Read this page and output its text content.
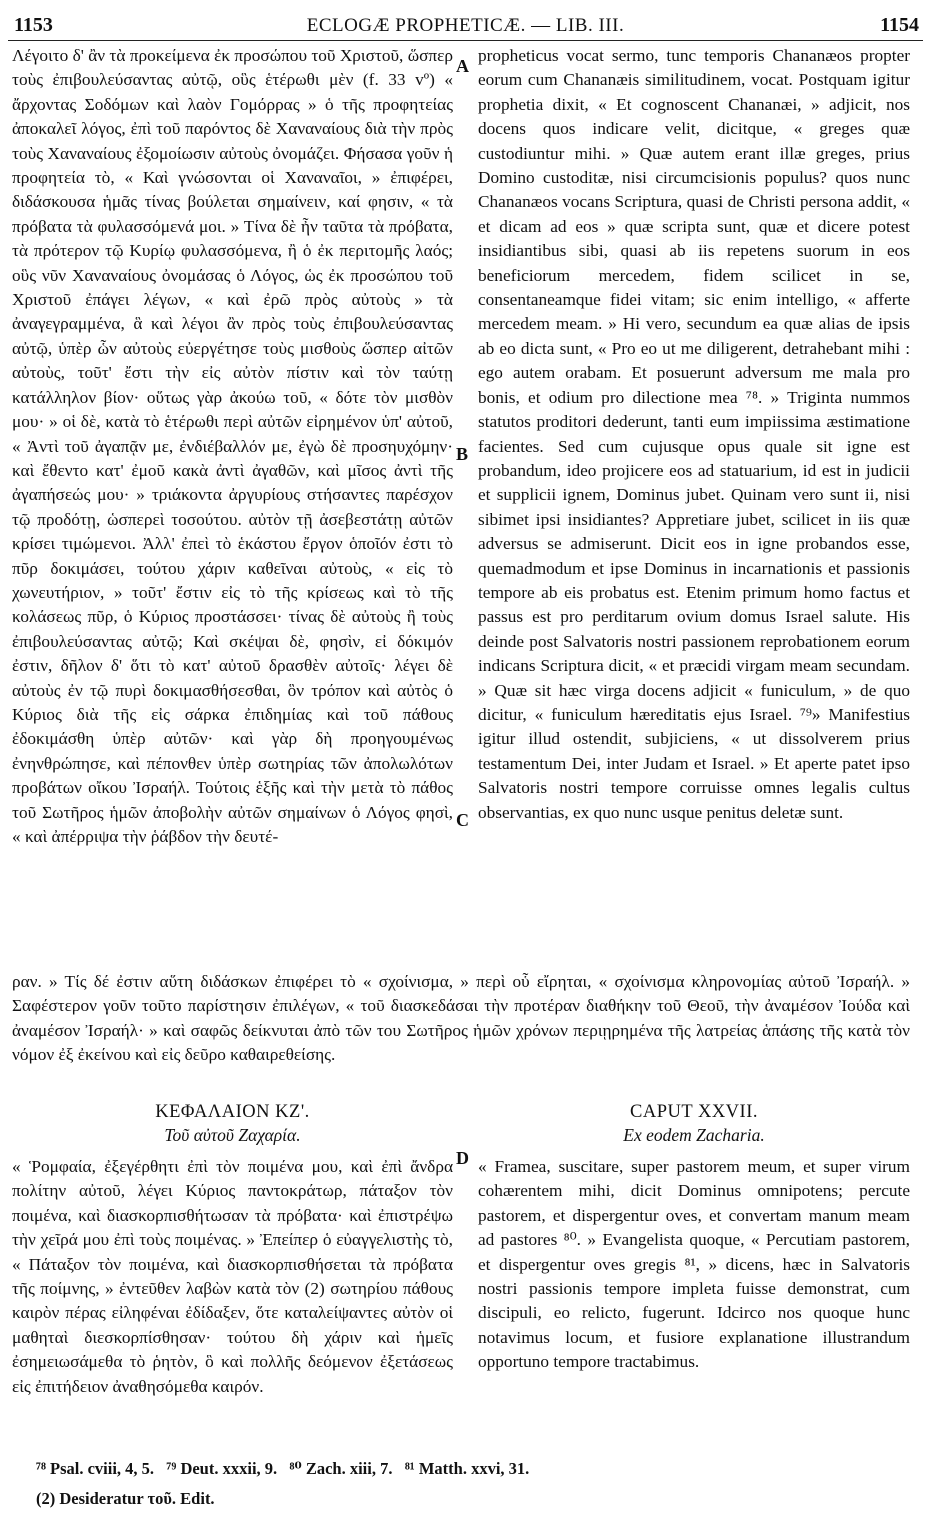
1153	ECLOGÆ PROPHETICÆ. — LIB. III.	1154

Λέγοιτο δ' ἂν τὰ προκείμενα ἐκ προσώπου τοῦ Χριστοῦ, ὥσπερ τοὺς ἐπιβουλεύσαντας αὐτῷ, οὓς ἑτέρωθι μὲν (f. 33 vº) « ἄρχοντας Σοδόμων καὶ λαὸν Γομόρρας » ὁ τῆς προφητείας ἀποκαλεῖ λόγος, ἐπὶ τοῦ παρόντος δὲ Χαναναίους διὰ τὴν πρὸς τοὺς Χαναναίους ἐξομοίωσιν αὐτοὺς ὀνομάζει. Φήσασα γοῦν ἡ προφητεία τὸ, « Καὶ γνώσονται οἱ Χαναναῖοι, » ἐπιφέρει, διδάσκουσα ἡμᾶς τίνας βούλεται σημαίνειν, καί φησιν, « τὰ πρόβατα τὰ φυλασσόμενά μοι. » Τίνα δὲ ἦν ταῦτα τὰ πρόβατα, τὰ πρότερον τῷ Κυρίῳ φυλασσόμενα, ἢ ὁ ἐκ περιτομῆς λαός; οὓς νῦν Χαναναίους ὀνομάσας ὁ Λόγος, ὡς ἐκ προσώπου τοῦ Χριστοῦ ἐπάγει λέγων, « καὶ ἐρῶ πρὸς αὐτοὺς » τὰ ἀναγεγραμμένα, ἃ καὶ λέγοι ἂν πρὸς τοὺς ἐπιβουλεύσαντας αὐτῷ, ὑπὲρ ὧν αὐτοὺς εὐεργέτησε τοὺς μισθοὺς ὥσπερ αἰτῶν αὐτοὺς, τοῦτ' ἔστι τὴν εἰς αὐτὸν πίστιν καὶ τὸν ταύτῃ κατάλληλον βίον· οὕτως γὰρ ἀκούω τοῦ, « δότε τὸν μισθὸν μου· » οἱ δὲ, κατὰ τὸ ἑτέρωθι περὶ αὐτῶν εἰρημένον ὑπ' αὐτοῦ, « Ἀντὶ τοῦ ἀγαπᾷν με, ἐνδιέβαλλόν με, ἐγὼ δὲ προσηυχόμην· καὶ ἔθεντο κατ' ἐμοῦ κακὰ ἀντὶ ἀγαθῶν, καὶ μῖσος ἀντὶ τῆς ἀγαπήσεώς μου· » τριάκοντα ἀργυρίους στήσαντες παρέσχον τῷ προδότῃ, ὡσπερεὶ τοσούτου. αὐτὸν τῇ ἀσεβεστάτῃ αὐτῶν κρίσει τιμώμενοι. Ἀλλ' ἐπεὶ τὸ ἑκάστου ἔργον ὁποῖόν ἐστι τὸ πῦρ δοκιμάσει, τούτου χάριν καθεῖναι αὐτοὺς, « εἰς τὸ χωνευτήριον, » τοῦτ' ἔστιν εἰς τὸ τῆς κρίσεως καὶ τὸ τῆς κολάσεως πῦρ, ὁ Κύριος προστάσσει· τίνας δὲ αὐτοὺς ἢ τοὺς ἐπιβουλεύσαντας αὐτῷ; Καὶ σκέψαι δὲ, φησὶν, εἰ δόκιμόν ἐστιν, δῆλον δ' ὅτι τὸ κατ' αὐτοῦ δρασθὲν αὐτοῖς· λέγει δὲ αὐτοὺς ἐν τῷ πυρὶ δοκιμασθήσεσθαι, ὃν τρόπον καὶ αὐτὸς ὁ Κύριος διὰ τῆς εἰς σάρκα ἐπιδημίας καὶ τοῦ πάθους ἐδοκιμάσθη ὑπὲρ αὐτῶν· καὶ γὰρ δὴ προηγουμένως ἐνηνθρώπησε, καὶ πέπονθεν ὑπὲρ σωτηρίας τῶν ἀπολωλότων προβάτων οἴκου Ἰσραήλ. Τούτοις ἑξῆς καὶ τὴν μετὰ τὸ πάθος τοῦ Σωτῆρος ἡμῶν ἀποβολὴν αὐτῶν σημαίνων ὁ Λόγος φησὶ, « καὶ ἀπέρριψα τὴν ῥάβδον τὴν δευτέ-

propheticus vocat sermo, tunc temporis Chananæos propter eorum cum Chananæis similitudinem, vocat. Postquam igitur prophetia dixit, « Et cognoscent Chananæi, » adjicit, nos docens quos indicare velit, dicitque, « greges quæ custodiuntur mihi. » Quæ autem erant illæ greges, prius Domino custoditæ, nisi circumcisionis populus? quos nunc Chananæos vocans Scriptura, quasi de Christi persona addit, « et dicam ad eos » quæ scripta sunt, quæ et dicere potest insidiantibus sibi, quasi ab iis repetens suorum in eos beneficiorum mercedem, fidem scilicet in se, consentaneamque fidei vitam; sic enim intelligo, « afferte mercedem meam. » Hi vero, secundum ea quæ alias de ipsis ab eo dicta sunt, « Pro eo ut me diligerent, detrahebant mihi : ego autem orabam. Et posuerunt adversum me mala pro bonis, et odium pro dilectione mea ⁷⁸. » Triginta nummos statutos proditori dederunt, tanti eum impiissima æstimatione facientes. Sed cum cujusque opus quale sit igne est probandum, ideo projicere eos ad statuarium, id est in judicii et supplicii ignem, Dominus jubet. Quinam vero sunt ii, nisi sibimet ipsi insidiantes? Appretiare jubet, scilicet in iis quæ adversus se admiserunt. Dicit eos in igne probandos esse, quemadmodum et ipse Dominus in incarnationis et passionis tempore ab eis probatus est. Etenim primum homo factus et passus est pro perditarum ovium domus Israel salute. His deinde post Salvatoris nostri passionem reprobationem eorum indicans Scriptura dicit, « et præcidi virgam meam secundam. » Quæ sit hæc virga docens adjicit « funiculum, » de quo dicitur, « funiculum hæreditatis ejus Israel. ⁷⁹» Manifestius igitur illud ostendit, subjiciens, « ut dissolverem prius testamentum Dei, inter Judam et Israel. » Et aperte patet ipso Salvatoris nostri tempore corruisse omnes legalis cultus observantias, ex quo nunc usque penitus deletæ sunt.

A
B
C
D

ραν. » Τίς δέ ἐστιν αὕτη διδάσκων ἐπιφέρει τὸ « σχοίνισμα, » περὶ οὗ εἴρηται, « σχοίνισμα κληρονομίας αὐτοῦ Ἰσραήλ. » Σαφέστερον γοῦν τοῦτο παρίστησιν ἐπιλέγων, « τοῦ διασκεδάσαι τὴν προτέραν διαθήκην τοῦ Θεοῦ, τὴν ἀναμέσον Ἰούδα καὶ ἀναμέσον Ἰσραήλ· » καὶ σαφῶς δείκνυται ἀπὸ τῶν του Σωτῆρος ἡμῶν χρόνων περιῃρημένα τῆς λατρείας ἁπάσης τῆς κατὰ τὸν νόμον ἐξ ἐκείνου καὶ εἰς δεῦρο καθαιρεθείσης.

ΚΕΦΑΛΑΙΟΝ ΚΖ'.
Τοῦ αὐτοῦ Ζαχαρία.
CAPUT XXVII.
Ex eodem Zacharia.

« Ῥομφαία, ἐξεγέρθητι ἐπὶ τὸν ποιμένα μου, καὶ ἐπὶ ἄνδρα πολίτην αὐτοῦ, λέγει Κύριος παντοκράτωρ, πάταξον τὸν ποιμένα, καὶ διασκορπισθήτωσαν τὰ πρόβατα· καὶ ἐπιστρέψω τὴν χεῖρά μου ἐπὶ τοὺς ποιμένας. » Ἐπείπερ ὁ εὐαγγελιστὴς τὸ, « Πάταξον τὸν ποιμένα, καὶ διασκορπισθήσεται τὰ πρόβατα τῆς ποίμνης, » ἐντεῦθεν λαβὼν κατὰ τὸν (2) σωτηρίου πάθους καιρὸν πέρας εἰληφέναι ἐδίδαξεν, ὅτε καταλείψαντες αὐτὸν οἱ μαθηταὶ διεσκορπίσθησαν· τούτου δὴ χάριν καὶ ἡμεῖς ἐσημειωσάμεθα τὸ ῥητὸν, ὃ καὶ πολλῆς δεόμενον ἐξετάσεως εἰς ἐπιτήδειον ἀναθησόμεθα καιρόν.

« Framea, suscitare, super pastorem meum, et super virum cohærentem mihi, dicit Dominus omnipotens; percute pastorem, et dispergentur oves, et convertam manum meam ad pastores ⁸⁰. » Evangelista quoque, « Percutiam pastorem, et dispergentur oves gregis ⁸¹, » dicens, hæc in Salvatoris nostri passionis tempore impleta fuisse demonstrat, cum discipuli, eo relicto, fugerunt. Idcirco nos quoque hunc notavimus locum, et fusiore explanatione illustrandum opportuno tempore tractabimus.

⁷⁸ Psal. cviii, 4, 5.   ⁷⁹ Deut. xxxii, 9.   ⁸⁰ Zach. xiii, 7.   ⁸¹ Matth. xxvi, 31.

(2) Desideratur τοῦ. Edit.
